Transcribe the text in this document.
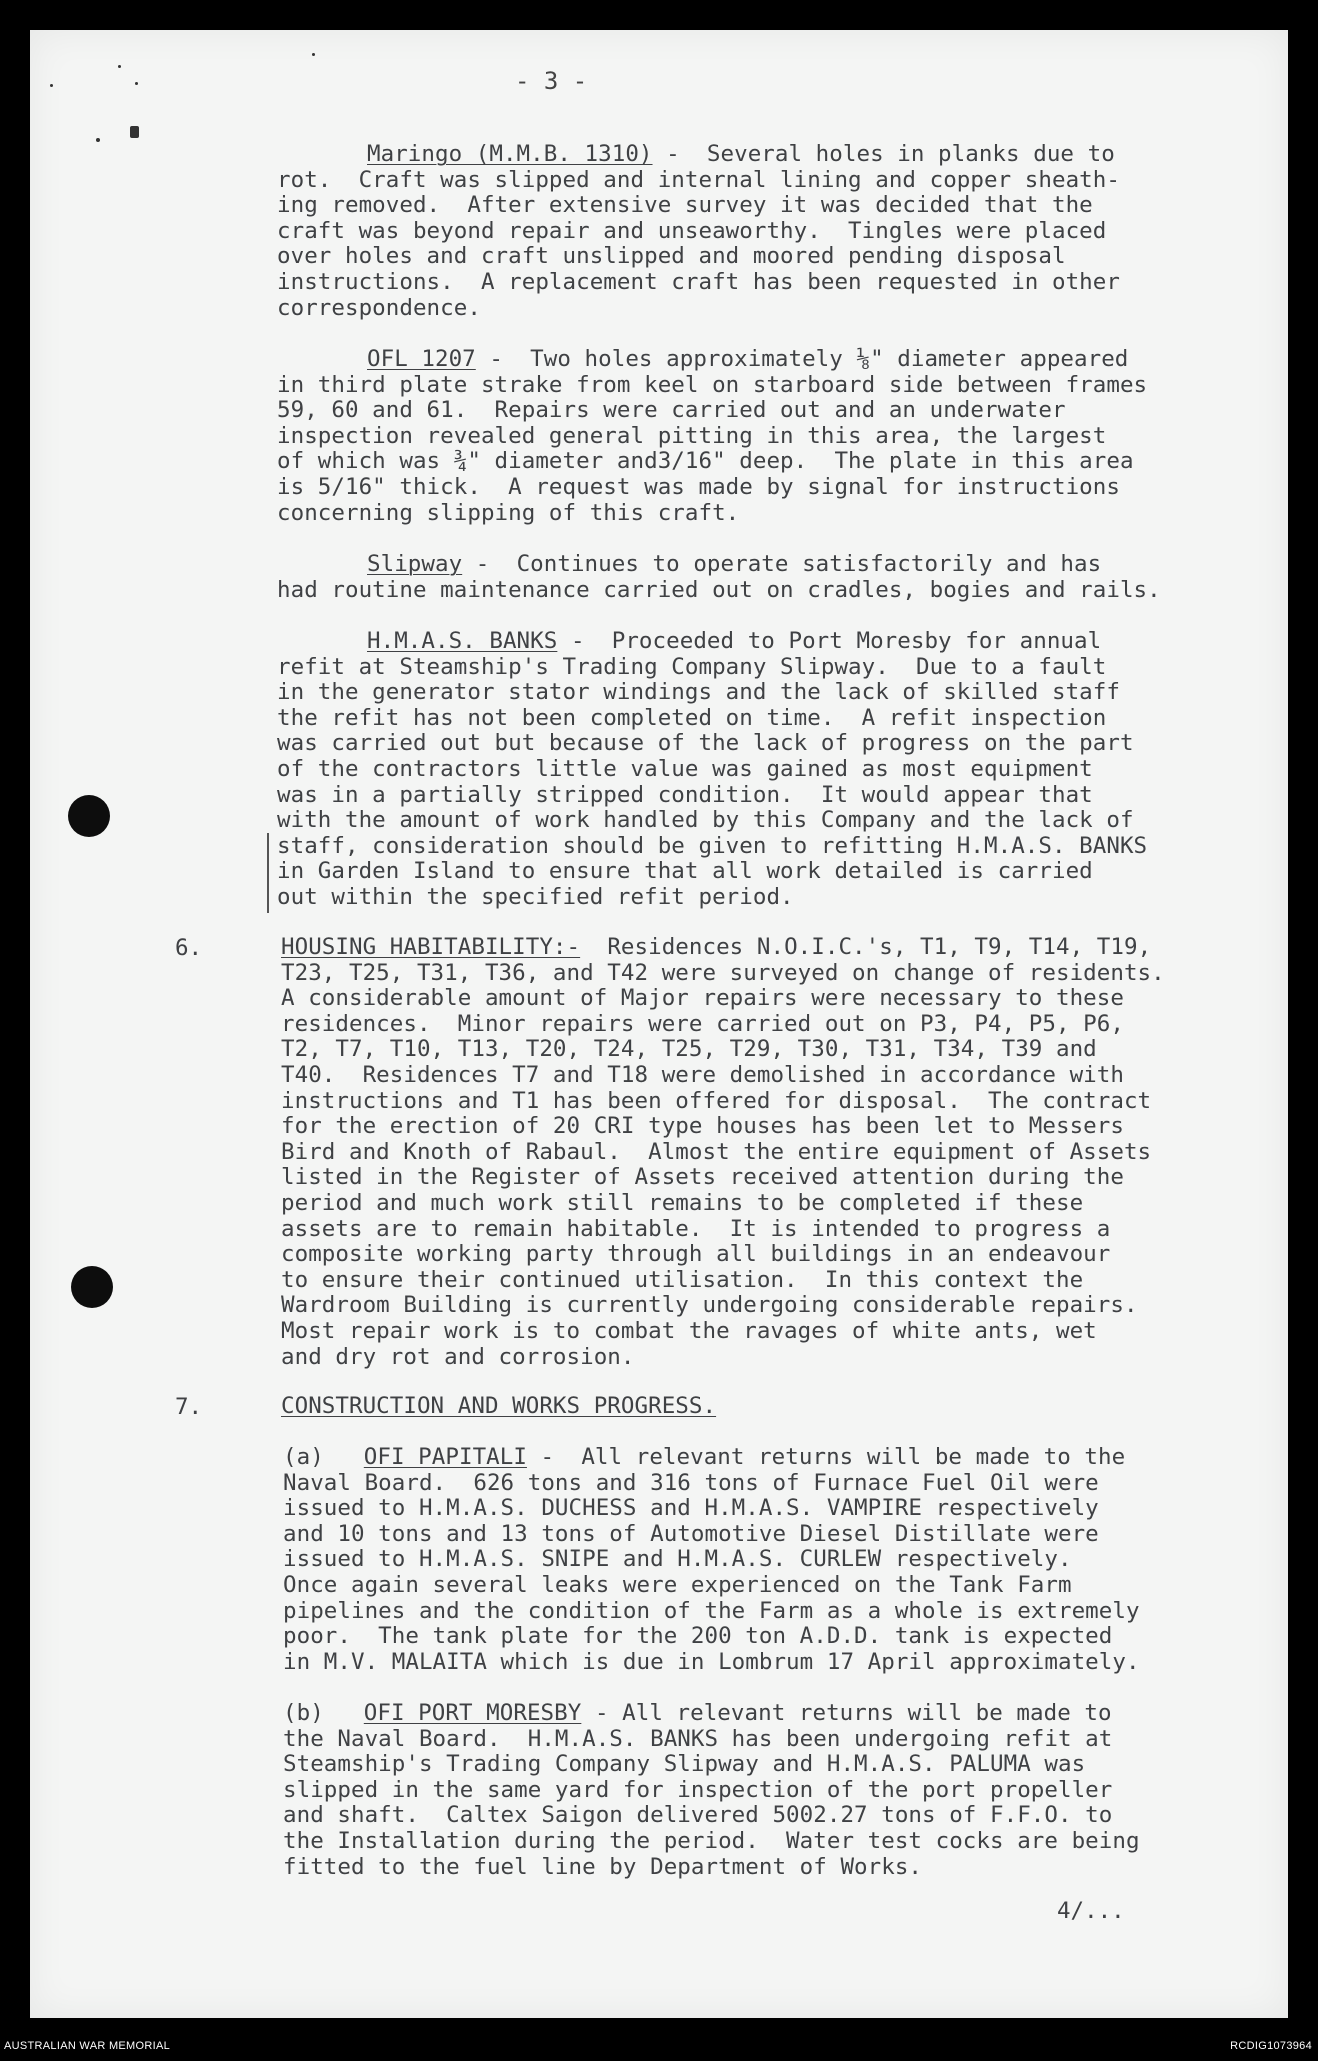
- 3 -
Maringo (M.M.B. 1310) -  Several holes in planks due to
rot.  Craft was slipped and internal lining and copper sheath-
ing removed.  After extensive survey it was decided that the
craft was beyond repair and unseaworthy.  Tingles were placed
over holes and craft unslipped and moored pending disposal
instructions.  A replacement craft has been requested in other
correspondence.
OFL 1207 -  Two holes approximately ⅛" diameter appeared
in third plate strake from keel on starboard side between frames
59, 60 and 61.  Repairs were carried out and an underwater
inspection revealed general pitting in this area, the largest
of which was ¾" diameter and3/16" deep.  The plate in this area
is 5/16" thick.  A request was made by signal for instructions
concerning slipping of this craft.
Slipway -  Continues to operate satisfactorily and has
had routine maintenance carried out on cradles, bogies and rails.
H.M.A.S. BANKS -  Proceeded to Port Moresby for annual
refit at Steamship's Trading Company Slipway.  Due to a fault
in the generator stator windings and the lack of skilled staff
the refit has not been completed on time.  A refit inspection
was carried out but because of the lack of progress on the part
of the contractors little value was gained as most equipment
was in a partially stripped condition.  It would appear that
with the amount of work handled by this Company and the lack of
staff, consideration should be given to refitting H.M.A.S. BANKS
in Garden Island to ensure that all work detailed is carried
out within the specified refit period.
6.	HOUSING HABITABILITY:-  Residences N.O.I.C.'s, T1, T9, T14, T19,
T23, T25, T31, T36, and T42 were surveyed on change of residents.
A considerable amount of Major repairs were necessary to these
residences.  Minor repairs were carried out on P3, P4, P5, P6,
T2, T7, T10, T13, T20, T24, T25, T29, T30, T31, T34, T39 and
T40.  Residences T7 and T18 were demolished in accordance with
instructions and T1 has been offered for disposal.  The contract
for the erection of 20 CRI type houses has been let to Messers
Bird and Knoth of Rabaul.  Almost the entire equipment of Assets
listed in the Register of Assets received attention during the
period and much work still remains to be completed if these
assets are to remain habitable.  It is intended to progress a
composite working party through all buildings in an endeavour
to ensure their continued utilisation.  In this context the
Wardroom Building is currently undergoing considerable repairs.
Most repair work is to combat the ravages of white ants, wet
and dry rot and corrosion.
7.	CONSTRUCTION AND WORKS PROGRESS.
(a) OFI PAPITALI -  All relevant returns will be made to the
Naval Board.  626 tons and 316 tons of Furnace Fuel Oil were
issued to H.M.A.S. DUCHESS and H.M.A.S. VAMPIRE respectively
and 10 tons and 13 tons of Automotive Diesel Distillate were
issued to H.M.A.S. SNIPE and H.M.A.S. CURLEW respectively.
Once again several leaks were experienced on the Tank Farm
pipelines and the condition of the Farm as a whole is extremely
poor.  The tank plate for the 200 ton A.D.D. tank is expected
in M.V. MALAITA which is due in Lombrum 17 April approximately.
(b) OFI PORT MORESBY - All relevant returns will be made to
the Naval Board.  H.M.A.S. BANKS has been undergoing refit at
Steamship's Trading Company Slipway and H.M.A.S. PALUMA was
slipped in the same yard for inspection of the port propeller
and shaft.  Caltex Saigon delivered 5002.27 tons of F.F.O. to
the Installation during the period.  Water test cocks are being
fitted to the fuel line by Department of Works.
4/...
AUSTRALIAN WAR MEMORIAL	RCDIG1073964
